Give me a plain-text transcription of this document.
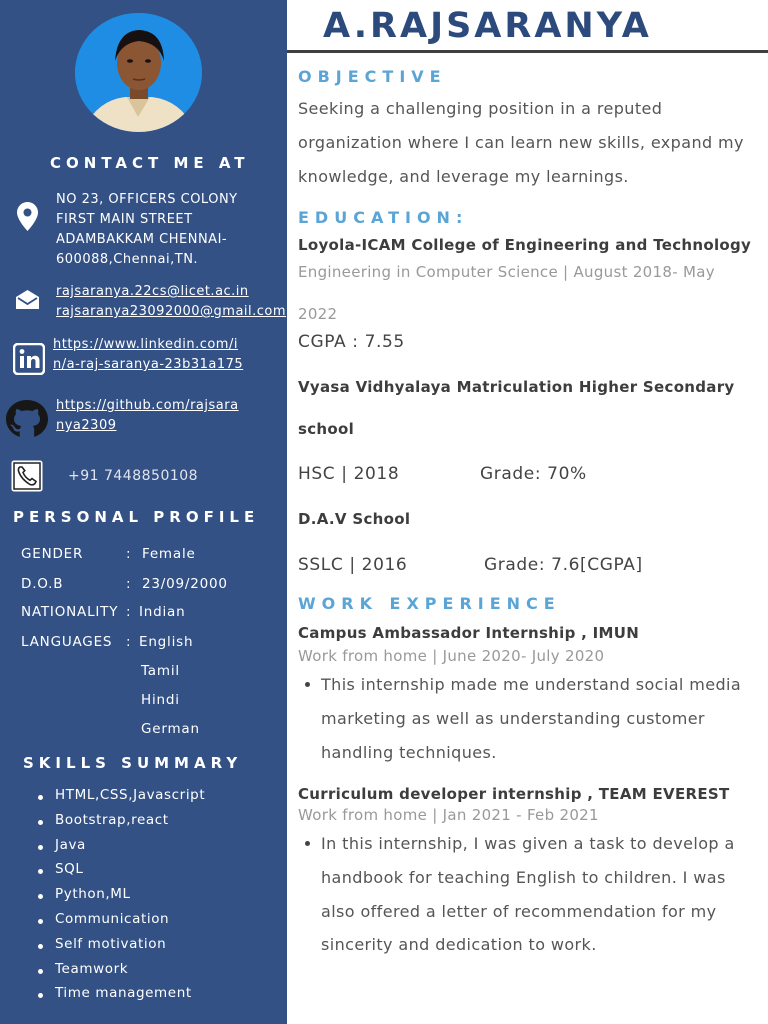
CONTACT ME AT
NO 23, OFFICERS COLONY
FIRST MAIN STREET
ADAMBAKKAM CHENNAI-
600088,Chennai,TN.
rajsaranya.22cs@licet.ac.in
rajsaranya23092000@gmail.com
https://www.linkedin.com/i
n/a-raj-saranya-23b31a175
https://github.com/rajsara
nya2309
+91 7448850108
PERSONAL PROFILE
GENDER	: Female
D.O.B	: 23/09/2000
NATIONALITY : Indian
LANGUAGES : English
Tamil
Hindi
German
SKILLS SUMMARY
HTML,CSS,Javascript
Bootstrap,react
Java
SQL
Python,ML
Communication
Self motivation
Teamwork
Time management
A.RAJSARANYA
OBJECTIVE
Seeking a challenging position in a reputed organization where I can learn new skills, expand my knowledge, and leverage my learnings.
EDUCATION:
Loyola-ICAM College of Engineering and Technology
Engineering in Computer Science | August 2018- May
2022
CGPA : 7.55
Vyasa Vidhyalaya Matriculation Higher Secondary
school
HSC | 2018	Grade: 70%
D.A.V School
SSLC | 2016	Grade: 7.6[CGPA]
WORK EXPERIENCE
Campus Ambassador Internship , IMUN
Work from home | June 2020- July 2020
This internship made me understand social media marketing as well as understanding customer handling techniques.
Curriculum developer internship , TEAM EVEREST
Work from home | Jan 2021 - Feb 2021
In this internship, I was given a task to develop a handbook for teaching English to children. I was also offered a letter of recommendation for my sincerity and dedication to work.
